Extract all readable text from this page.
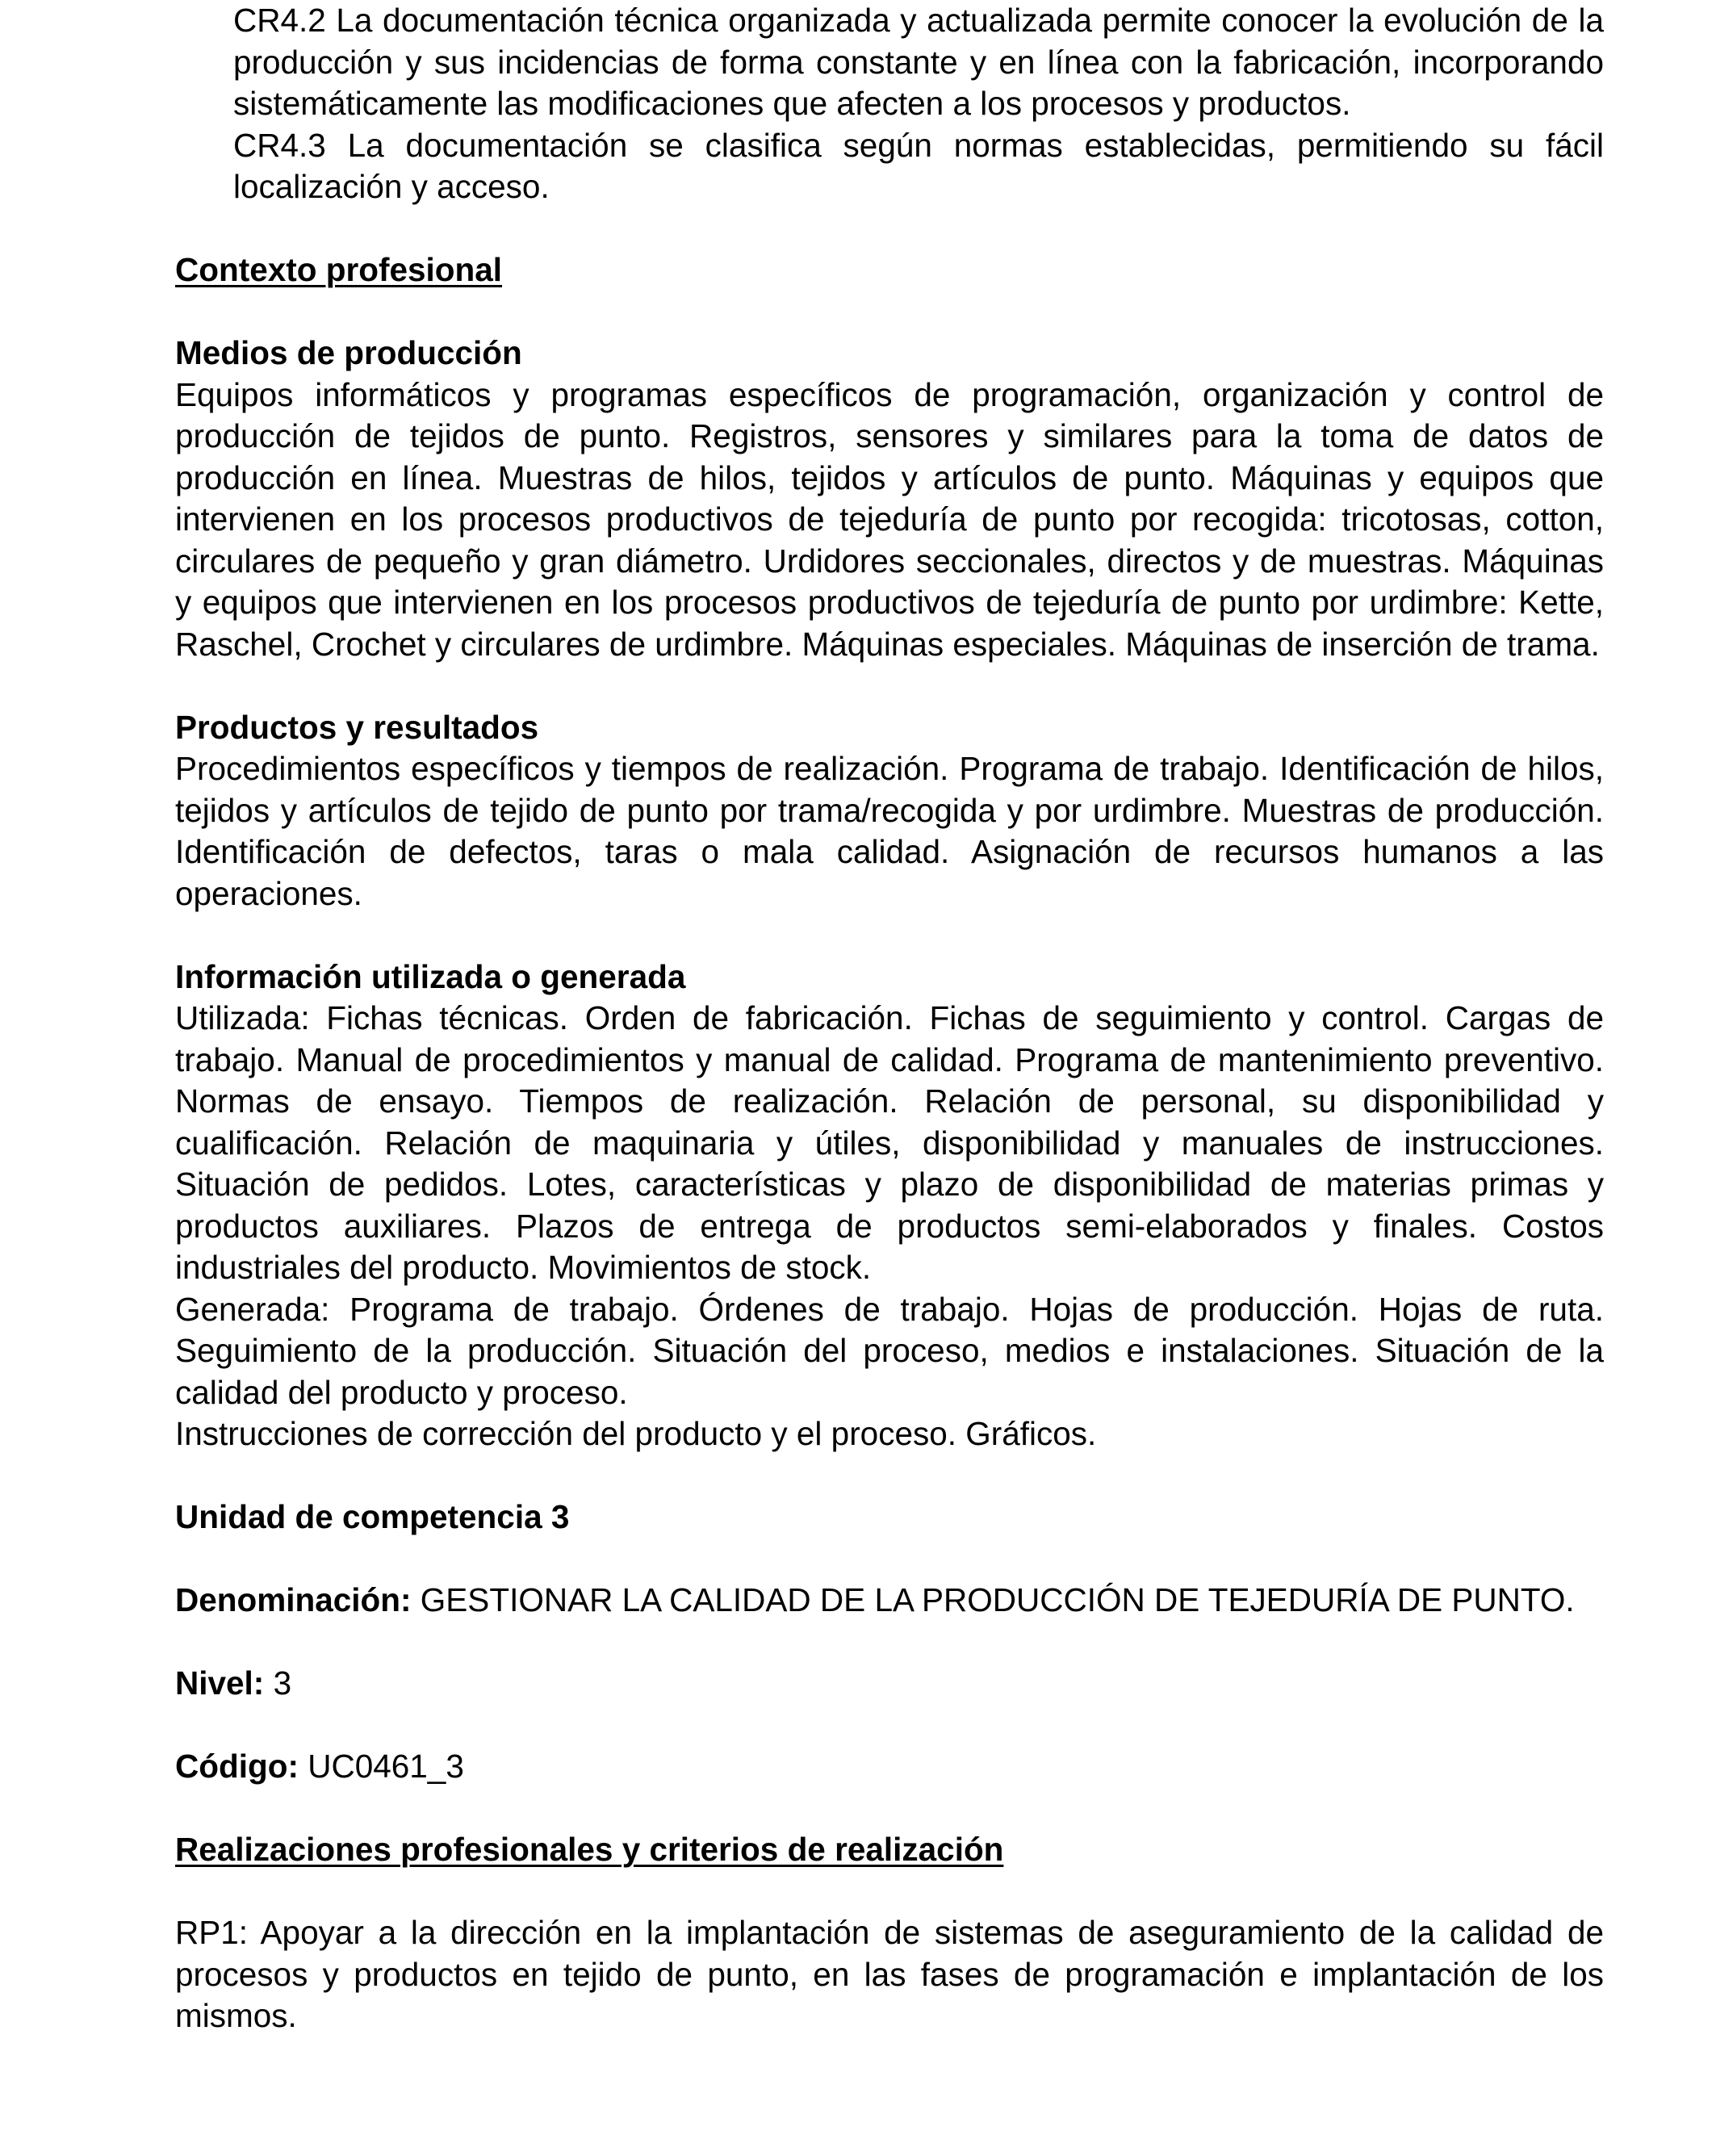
CR4.2 La documentación técnica organizada y actualizada permite conocer la evolución de la producción y sus incidencias de forma constante y en línea con la fabricación, incorporando sistemáticamente las modificaciones que afecten a los procesos y productos.

CR4.3 La documentación se clasifica según normas establecidas, permitiendo su fácil localización y acceso.

Contexto profesional

Medios de producción

Equipos informáticos y programas específicos de programación, organización y control de producción de tejidos de punto. Registros, sensores y similares para la toma de datos de producción en línea. Muestras de hilos, tejidos y artículos de punto. Máquinas y equipos que intervienen en los procesos productivos de tejeduría de punto por recogida: tricotosas, cotton, circulares de pequeño y gran diámetro. Urdidores seccionales, directos y de muestras. Máquinas y equipos que intervienen en los procesos productivos de tejeduría de punto por urdimbre: Kette, Raschel, Crochet y circulares de urdimbre. Máquinas especiales. Máquinas de inserción de trama.

Productos y resultados

Procedimientos específicos y tiempos de realización. Programa de trabajo. Identificación de hilos, tejidos y artículos de tejido de punto por trama/recogida y por urdimbre. Muestras de producción. Identificación de defectos, taras o mala calidad. Asignación de recursos humanos a las operaciones.

Información utilizada o generada

Utilizada: Fichas técnicas. Orden de fabricación. Fichas de seguimiento y control. Cargas de trabajo. Manual de procedimientos y manual de calidad. Programa de mantenimiento preventivo. Normas de ensayo. Tiempos de realización. Relación de personal, su disponibilidad y cualificación. Relación de maquinaria y útiles, disponibilidad y manuales de instrucciones. Situación de pedidos. Lotes, características y plazo de disponibilidad de materias primas y productos auxiliares. Plazos de entrega de productos semi-elaborados y finales. Costos industriales del producto. Movimientos de stock.

Generada: Programa de trabajo. Órdenes de trabajo. Hojas de producción. Hojas de ruta. Seguimiento de la producción. Situación del proceso, medios e instalaciones. Situación de la calidad del producto y proceso.

Instrucciones de corrección del producto y el proceso. Gráficos.

Unidad de competencia 3

Denominación: GESTIONAR LA CALIDAD DE LA PRODUCCIÓN DE TEJEDURÍA DE PUNTO.

Nivel: 3

Código: UC0461_3

Realizaciones profesionales y criterios de realización

RP1: Apoyar a la dirección en la implantación de sistemas de aseguramiento de la calidad de procesos y productos en tejido de punto, en las fases de programación e implantación de los mismos.
